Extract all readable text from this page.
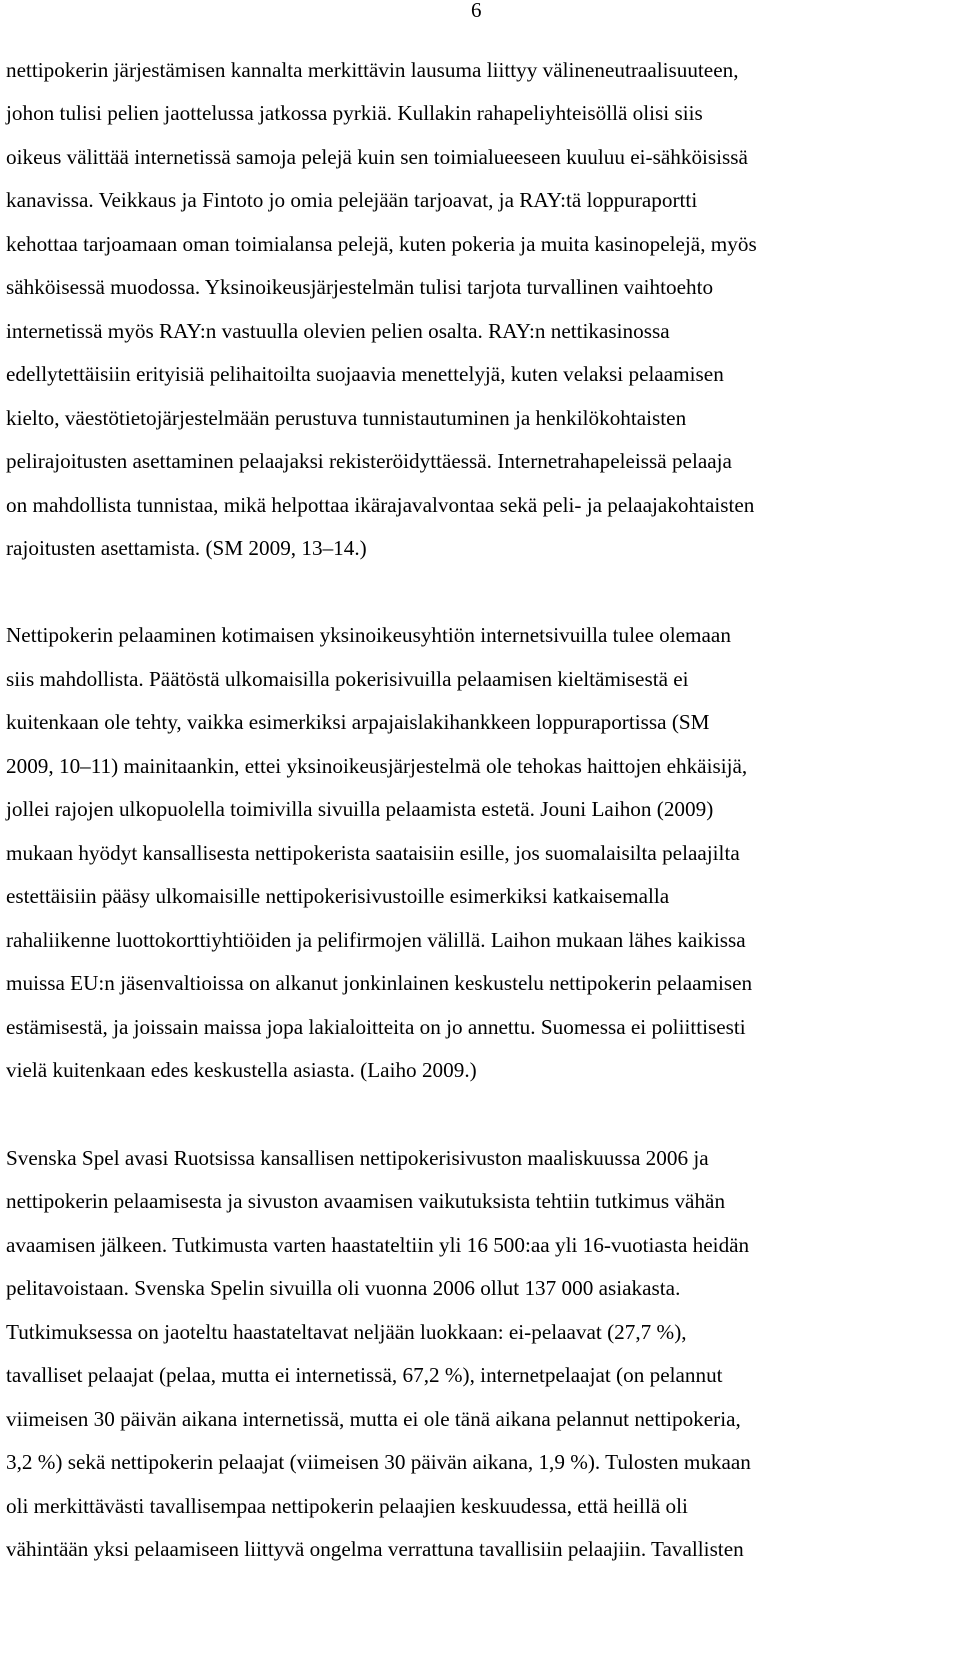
6

nettipokerin järjestämisen kannalta merkittävin lausuma liittyy välineneutraalisuuteen,

johon tulisi pelien jaottelussa jatkossa pyrkiä. Kullakin rahapeliyhteisöllä olisi siis

oikeus välittää internetissä samoja pelejä kuin sen toimialueeseen kuuluu ei-sähköisissä

kanavissa. Veikkaus ja Fintoto jo omia pelejään tarjoavat, ja RAY:tä loppuraportti

kehottaa tarjoamaan oman toimialansa pelejä, kuten pokeria ja muita kasinopelejä, myös

sähköisessä muodossa. Yksinoikeusjärjestelmän tulisi tarjota turvallinen vaihtoehto

internetissä myös RAY:n vastuulla olevien pelien osalta. RAY:n nettikasinossa

edellytettäisiin erityisiä pelihaitoilta suojaavia menettelyjä, kuten velaksi pelaamisen

kielto, väestötietojärjestelmään perustuva tunnistautuminen ja henkilökohtaisten

pelirajoitusten asettaminen pelaajaksi rekisteröidyttäessä. Internetrahapeleissä pelaaja

on mahdollista tunnistaa, mikä helpottaa ikärajavalvontaa sekä peli- ja pelaajakohtaisten

rajoitusten asettamista. (SM 2009, 13–14.)

Nettipokerin pelaaminen kotimaisen yksinoikeusyhtiön internetsivuilla tulee olemaan

siis mahdollista. Päätöstä ulkomaisilla pokerisivuilla pelaamisen kieltämisestä ei

kuitenkaan ole tehty, vaikka esimerkiksi arpajaislakihankkeen loppuraportissa (SM

2009, 10–11) mainitaankin, ettei yksinoikeusjärjestelmä ole tehokas haittojen ehkäisijä,

jollei rajojen ulkopuolella toimivilla sivuilla pelaamista estetä. Jouni Laihon (2009)

mukaan hyödyt kansallisesta nettipokerista saataisiin esille, jos suomalaisilta pelaajilta

estettäisiin pääsy ulkomaisille nettipokerisivustoille esimerkiksi katkaisemalla

rahaliikenne luottokorttiyhtiöiden ja pelifirmojen välillä. Laihon mukaan lähes kaikissa

muissa EU:n jäsenvaltioissa on alkanut jonkinlainen keskustelu nettipokerin pelaamisen

estämisestä, ja joissain maissa jopa lakialoitteita on jo annettu. Suomessa ei poliittisesti

vielä kuitenkaan edes keskustella asiasta. (Laiho 2009.)

Svenska Spel avasi Ruotsissa kansallisen nettipokerisivuston maaliskuussa 2006 ja

nettipokerin pelaamisesta ja sivuston avaamisen vaikutuksista tehtiin tutkimus vähän

avaamisen jälkeen. Tutkimusta varten haastateltiin yli 16 500:aa yli 16-vuotiasta heidän

pelitavoistaan. Svenska Spelin sivuilla oli vuonna 2006 ollut 137 000 asiakasta.

Tutkimuksessa on jaoteltu haastateltavat neljään luokkaan: ei-pelaavat (27,7 %),

tavalliset pelaajat (pelaa, mutta ei internetissä, 67,2 %), internetpelaajat (on pelannut

viimeisen 30 päivän aikana internetissä, mutta ei ole tänä aikana pelannut nettipokeria,

3,2 %) sekä nettipokerin pelaajat (viimeisen 30 päivän aikana, 1,9 %). Tulosten mukaan

oli merkittävästi tavallisempaa nettipokerin pelaajien keskuudessa, että heillä oli

vähintään yksi pelaamiseen liittyvä ongelma verrattuna tavallisiin pelaajiin. Tavallisten
